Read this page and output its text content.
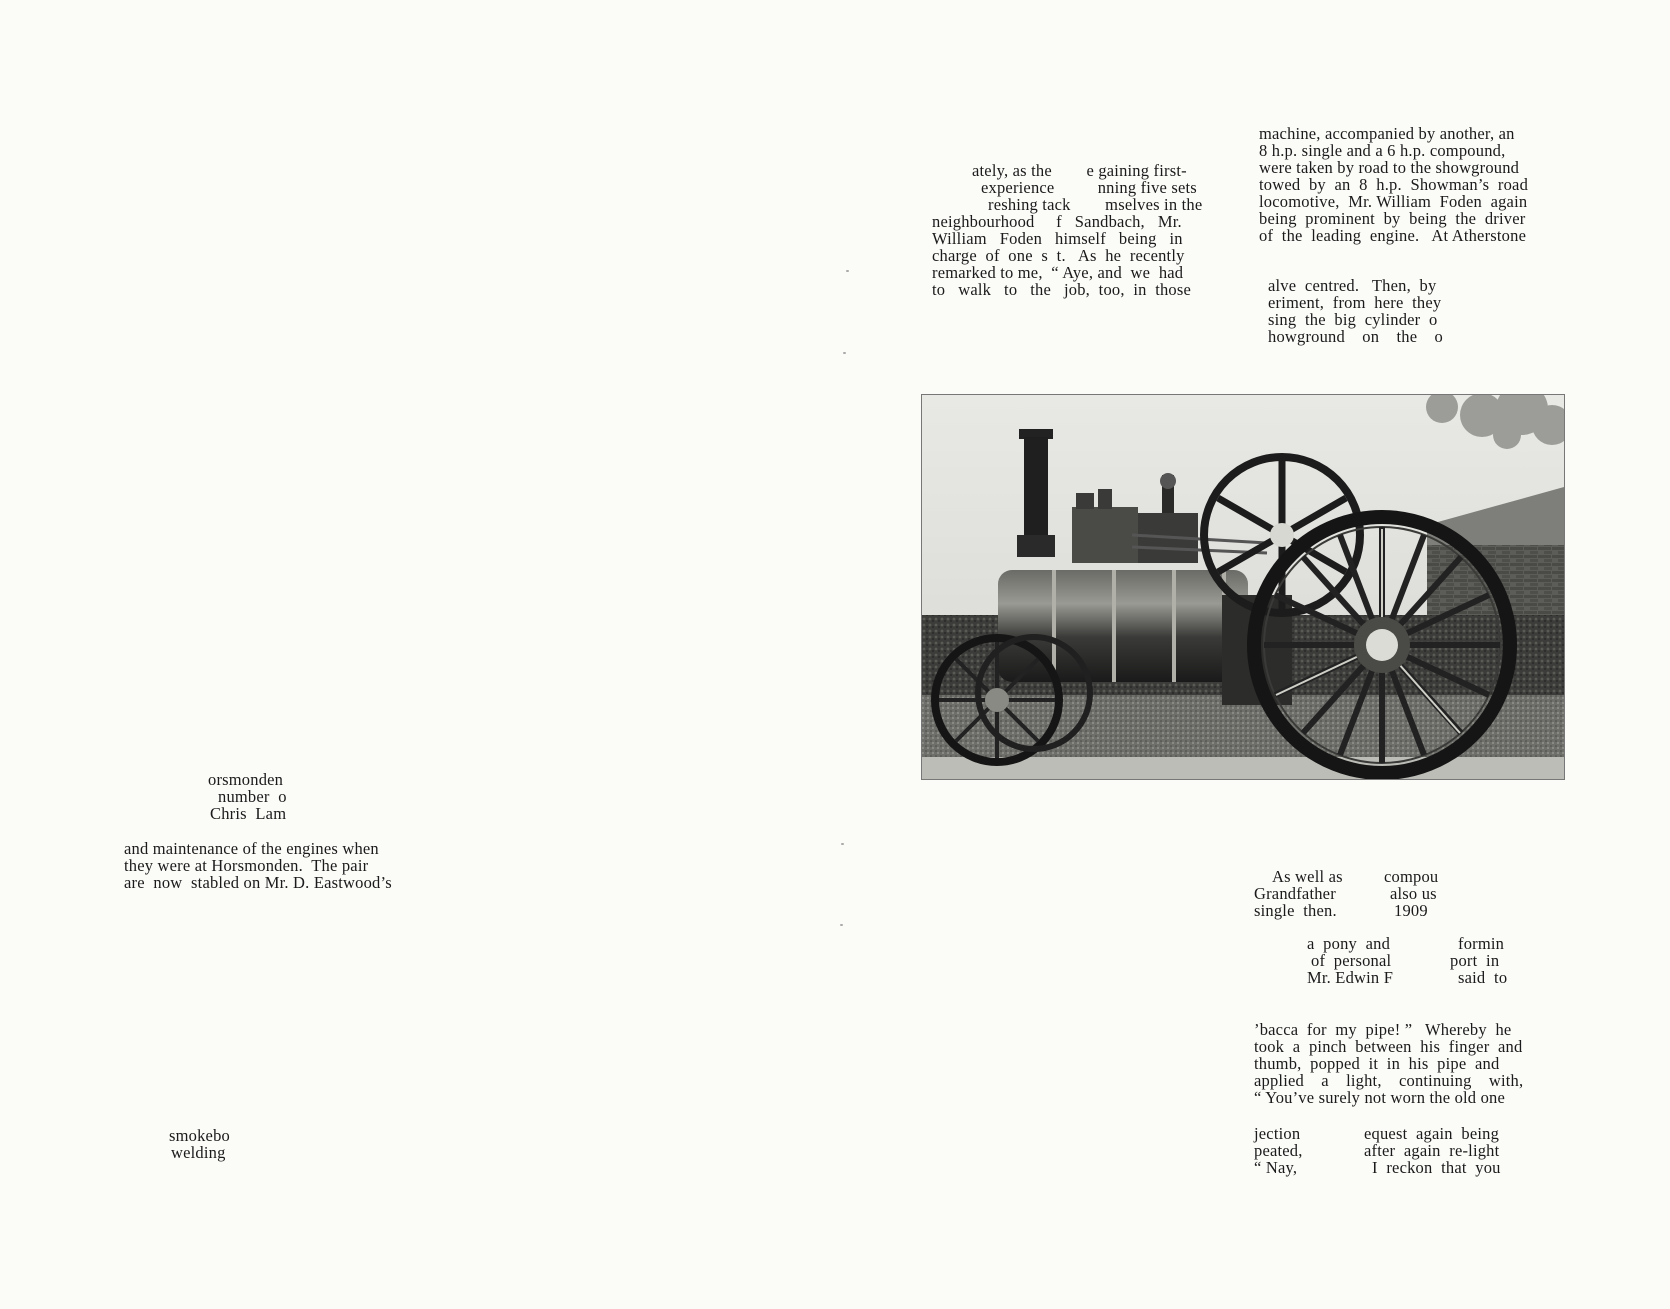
orsmonden
number  o
Chris  Lam
and maintenance of the engines when
they were at Horsmonden.  The pair
are  now  stabled on Mr. D. Eastwood’s
smokebo
welding
ately, as the        e gaining first-
experience          nning five sets
reshing tack        mselves in the
neighbourhood     f   Sandbach,   Mr.
William   Foden   himself   being   in
charge  of  one  s  t.   As  he  recently
remarked to me,  “ Aye, and  we  had
to   walk   to   the   job,  too,  in  those
machine, accompanied by another, an
8 h.p. single and a 6 h.p. compound,
were taken by road to the showground
towed  by  an  8  h.p.  Showman’s  road
locomotive,  Mr. William  Foden  again
being  prominent  by  being  the  driver
of  the  leading  engine.   At Atherstone
alve  centred.   Then,  by
eriment,  from  here  they
sing  the  big  cylinder  o
howground    on    the    o
As well as	compou
Grandfather	also us
single  then.	1909
a  pony  and	formin
of  personal	port  in
Mr. Edwin F	said  to
’bacca  for  my  pipe! ”   Whereby  he
took  a  pinch  between  his  finger  and
thumb,  popped  it  in  his  pipe  and
applied    a    light,    continuing    with,
“ You’ve surely not worn the old one
jection	equest  again  being
peated,	after  again  re-light
“ Nay,	I  reckon  that  you
